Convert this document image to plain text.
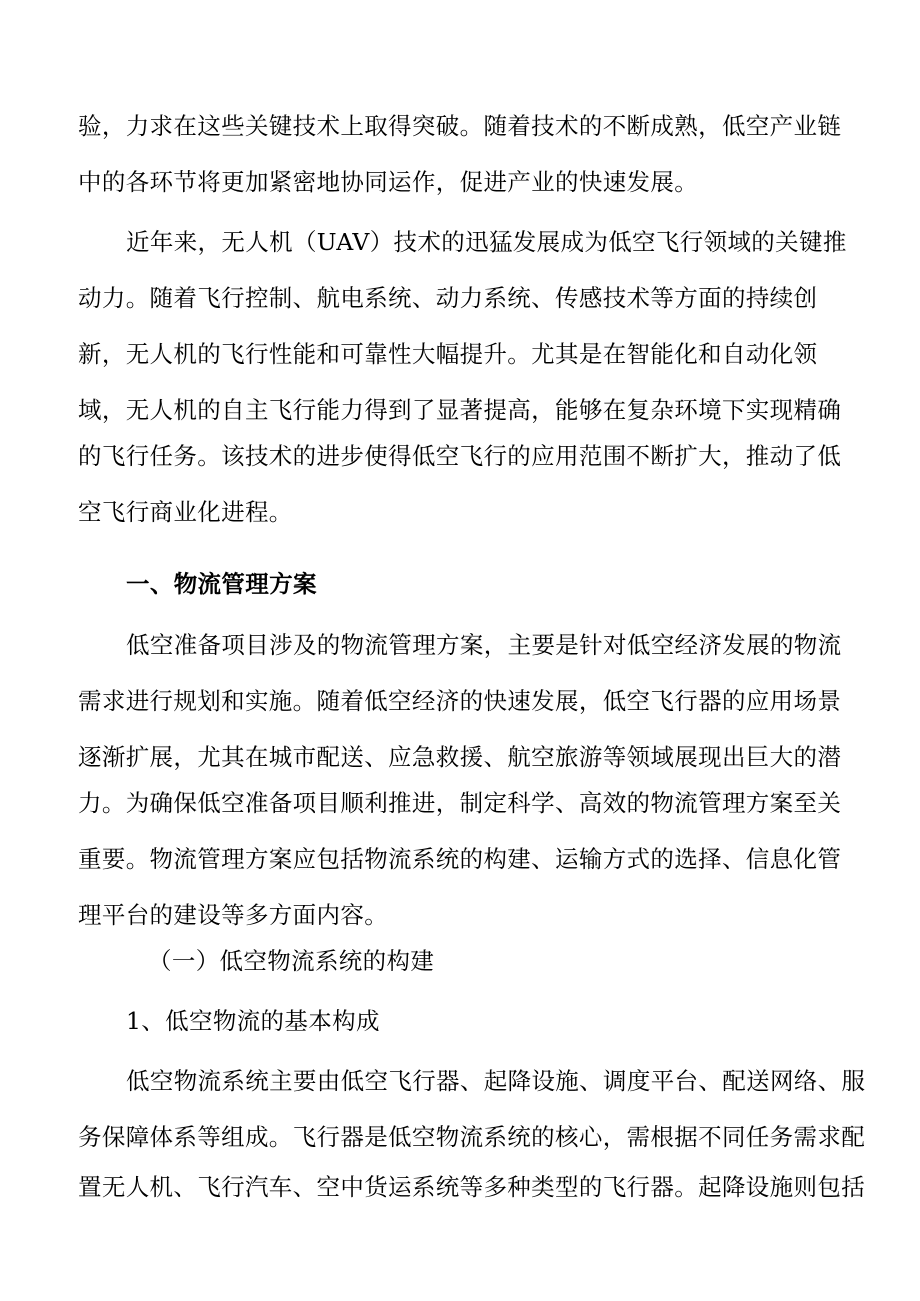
验，力求在这些关键技术上取得突破。随着技术的不断成熟，低空产业链
中的各环节将更加紧密地协同运作，促进产业的快速发展。
近年来，无人机（UAV）技术的迅猛发展成为低空飞行领域的关键推
动力。随着飞行控制、航电系统、动力系统、传感技术等方面的持续创
新，无人机的飞行性能和可靠性大幅提升。尤其是在智能化和自动化领
域，无人机的自主飞行能力得到了显著提高，能够在复杂环境下实现精确
的飞行任务。该技术的进步使得低空飞行的应用范围不断扩大，推动了低
空飞行商业化进程。
一、物流管理方案
低空准备项目涉及的物流管理方案，主要是针对低空经济发展的物流
需求进行规划和实施。随着低空经济的快速发展，低空飞行器的应用场景
逐渐扩展，尤其在城市配送、应急救援、航空旅游等领域展现出巨大的潜
力。为确保低空准备项目顺利推进，制定科学、高效的物流管理方案至关
重要。物流管理方案应包括物流系统的构建、运输方式的选择、信息化管
理平台的建设等多方面内容。
（一）低空物流系统的构建
1、低空物流的基本构成
低空物流系统主要由低空飞行器、起降设施、调度平台、配送网络、服
务保障体系等组成。飞行器是低空物流系统的核心，需根据不同任务需求配
置无人机、飞行汽车、空中货运系统等多种类型的飞行器。起降设施则包括
